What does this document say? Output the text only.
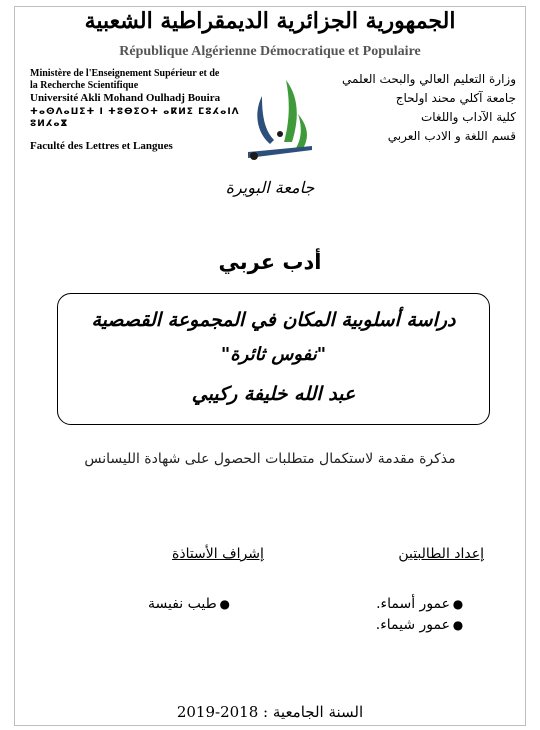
الجمهورية الجزائرية الديمقراطية الشعبية
République Algérienne Démocratique et Populaire
Ministère de l'Enseignement Supérieur et de
la Recherche Scientifique
Université Akli Mohand Oulhadj Bouira
ⵜⴰⵙⴷⴰⵡⵉⵜ ⵏ ⵜⵓⴱⵉⵔⵜ ⴰⴽⵍⵉ ⵎⵓⵃⴰⵏⴷ ⵓⵍⵃⴰⴵ
Faculté des Lettres et Langues
وزارة التعليم العالي والبحث العلمي
جامعة آكلي محند اولحاج
كلية الآداب واللغات
قسم اللغة و الادب العربي
جامعة البويرة
أدب عربي
دراسة أسلوبية المكان في المجموعة القصصية
"نفوس ثائرة"
عبد الله خليفة ركيبي
مذكرة مقدمة لاستكمال متطلبات الحصول على شهادة الليسانس
إعداد الطالبتين
إشراف الأستاذة
●عمور أسماء.
●عمور شيماء.
●طيب نفيسة
السنة الجامعية : 2018-2019
